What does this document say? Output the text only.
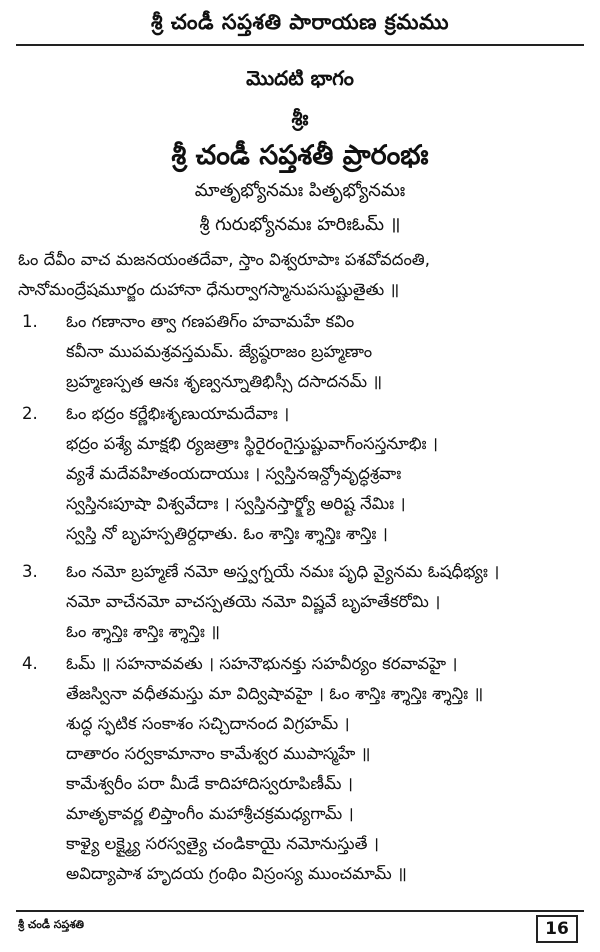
శ్రీ చండీ సప్తశతి పారాయణ క్రమము
మొదటి భాగం
శ్రీః
శ్రీ చండీ సప్తశతీ ప్రారంభః
మాతృభ్యోనమః పితృభ్యోనమః
శ్రీ గురుభ్యోనమః హరిఃఓమ్ ॥
ఓం దేవీం వాచ మజనయంతదేవా, స్తాం విశ్వరూపాః పశవోవదంతి,
సానోమంద్రేషమూర్జం దుహానా ధేనుర్వాగస్మానుపసుష్టుతైతు ॥
1. ఓం గణానాం త్వా గణపతిగ్ం హవామహే కవిం
కవీనా ముపమశ్రవస్తమమ్. జ్యేష్ఠరాజం బ్రహ్మణాం
బ్రహ్మణస్పత ఆనః శృణ్వన్నూతిభిస్సీ దసాదనమ్ ॥
2. ఓం భద్రం కర్ణేభిఃశృణుయామదేవాః ।
భద్రం పశ్యే మాక్షభి ర్యజత్రాః స్థిరైరంగైస్తుష్టువాగ్ంసస్తనూభిః ।
వ్యశే మదేవహితంయదాయుః । స్వస్తినఇన్ద్రోవృద్ధశ్రవాః
స్వస్తినఃపూషా విశ్వవేదాః । స్వస్తినస్తార్క్ష్యో అరిష్ట నేమిః ।
స్వస్తి నో బృహస్పతిర్దధాతు. ఓం శాన్తిః శ్శాన్తిః శాన్తిః ।
3. ఓం నమో బ్రహ్మణే నమో అస్త్వగ్నయే నమః పృధి వ్యైనమ ఓషధీభ్యః ।
నమో వాచేనమో వాచస్పతయె నమో విష్ణవే బృహతేకరోమి ।
ఓం శ్శాన్తిః శాన్తిః శ్శాన్తిః ॥
4. ఓమ్ ॥ సహనావవతు । సహనౌభునక్తు సహవీర్యం కరవావహై ।
తేజస్వినా వధీతమస్తు మా విద్విషావహై । ఓం శాన్తిః శ్శాన్తిః శ్శాన్తిః ॥
శుద్ధ స్ఫటిక సంకాశం సచ్చిదానంద విగ్రహమ్ ।
దాతారం సర్వకామానాం కామేశ్వర ముపాస్మహే ॥
కామేశ్వరీం పరా మీడే కాదిహాదిస్వరూపిణీమ్ ।
మాతృకావర్ణ లిప్తాంగీం మహాశ్రీచక్రమధ్యగామ్ ।
కాళ్యై లక్ష్మ్యై సరస్వత్యై చండికాయై నమోనుస్తుతే ।
అవిద్యాపాశ హృదయ గ్రంథిం విస్రంస్య ముంచమామ్ ॥
శ్రీ చండీ సప్తశతి	16
